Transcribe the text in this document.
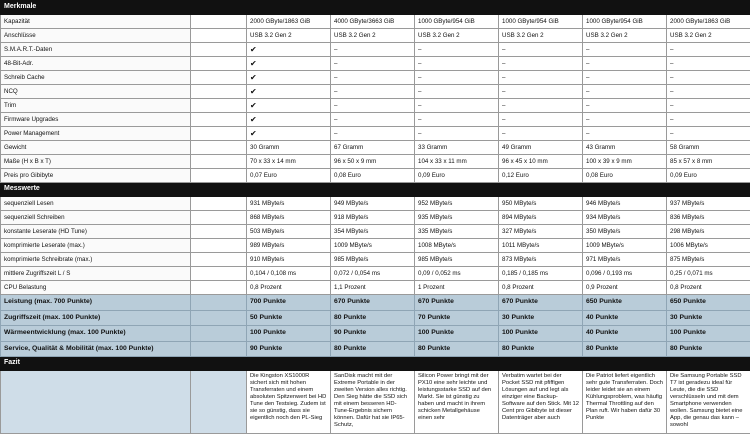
Merkmale							
Kapazität		2000 GByte/1863 GiB	4000 GByte/3663 GiB	1000 GByte/954 GiB	1000 GByte/954 GiB	1000 GByte/954 GiB	2000 GByte/1863 GiB
Anschlüsse		USB 3.2 Gen 2	USB 3.2 Gen 2	USB 3.2 Gen 2	USB 3.2 Gen 2	USB 3.2 Gen 2	USB 3.2 Gen 2
S.M.A.R.T.-Daten		✔	–	–	–	–	–
48-Bit-Adr.		✔	–	–	–	–	–
Schreib Cache		✔	–	–	–	–	–
NCQ		✔	–	–	–	–	–
Trim		✔	–	–	–	–	–
Firmware Upgrades		✔	–	–	–	–	–
Power Management		✔	–	–	–	–	–
Gewicht		30 Gramm	67 Gramm	33 Gramm	49 Gramm	43 Gramm	58 Gramm
Maße (H x B x T)		70 x 33 x 14 mm	96 x 50 x 9 mm	104 x 33 x 11 mm	96 x 45 x 10 mm	100 x 39 x 9 mm	85 x 57 x 8 mm
Preis pro Gibibyte		0,07 Euro	0,08 Euro	0,09 Euro	0,12 Euro	0,08 Euro	0,09 Euro
Messwerte							
sequenziell Lesen		931 MByte/s	949 MByte/s	952 MByte/s	950 MByte/s	946 MByte/s	937 MByte/s
sequenziell Schreiben		868 MByte/s	918 MByte/s	935 MByte/s	894 MByte/s	934 MByte/s	836 MByte/s
konstante Leserate (HD Tune)		503 MByte/s	354 MByte/s	335 MByte/s	327 MByte/s	350 MByte/s	298 MByte/s
komprimierte Leserate (max.)		989 MByte/s	1009 MByte/s	1008 MByte/s	1011 MByte/s	1009 MByte/s	1006 MByte/s
komprimierte Schreibrate (max.)		910 MByte/s	985 MByte/s	985 MByte/s	873 MByte/s	971 MByte/s	875 MByte/s
mittlere Zugriffszeit L / S		0,104 / 0,108 ms	0,072 / 0,054 ms	0,09 / 0,052 ms	0,185 / 0,185 ms	0,096 / 0,193 ms	0,25 / 0,071 ms
CPU Belastung		0,8 Prozent	1,1 Prozent	1 Prozent	0,8 Prozent	0,9 Prozent	0,8 Prozent
Leistung (max. 700 Punkte)		700 Punkte	670 Punkte	670 Punkte	670 Punkte	650 Punkte	650 Punkte
Zugriffszeit (max. 100 Punkte)		50 Punkte	80 Punkte	70 Punkte	30 Punkte	40 Punkte	30 Punkte
Wärmeentwicklung (max. 100 Punkte)		100 Punkte	90 Punkte	100 Punkte	100 Punkte	40 Punkte	100 Punkte
Service, Qualität & Mobilität (max. 100 Punkte)		90 Punkte	80 Punkte	80 Punkte	80 Punkte	80 Punkte	80 Punkte
Fazit							
		Die Kingston XS1000R sichert sich mit hohen Transferraten und einem absoluten Spitzenwert bei HD Tune den Testsieg. Zudem ist sie so günstig, dass sie eigentlich noch den PL-Sieg	SanDisk macht mit der Extreme Portable in der zweiten Version alles richtig. Den Sieg hätte die SSD sich mit einem besseren HD-Tune-Ergebnis sichern können. Dafür hat sie IP65-Schutz,	Silicon Power bringt mit der PX10 eine sehr leichte und leistungsstarke SSD auf den Markt. Sie ist günstig zu haben und macht in ihrem schicken Metallgehäuse einen sehr	Verbatim wartet bei der Pocket SSD mit pfiffigen Lösungen auf und legt als einziger eine Backup-Software auf den Stick. Mit 12 Cent pro Gibibyte ist dieser Datenträger aber auch	Die Patriot liefert eigentlich sehr gute Transferraten. Doch leider leidet sie an einem Kühlungsproblem, was häufig Thermal Throttling auf den Plan ruft. Wir haben dafür 30 Punkte	Die Samsung Portable SSD T7 ist geradezu ideal für Leute, die die SSD verschlüsseln und mit dem Smartphone verwenden wollen. Samsung bietet eine App, die genau das kann – sowohl
